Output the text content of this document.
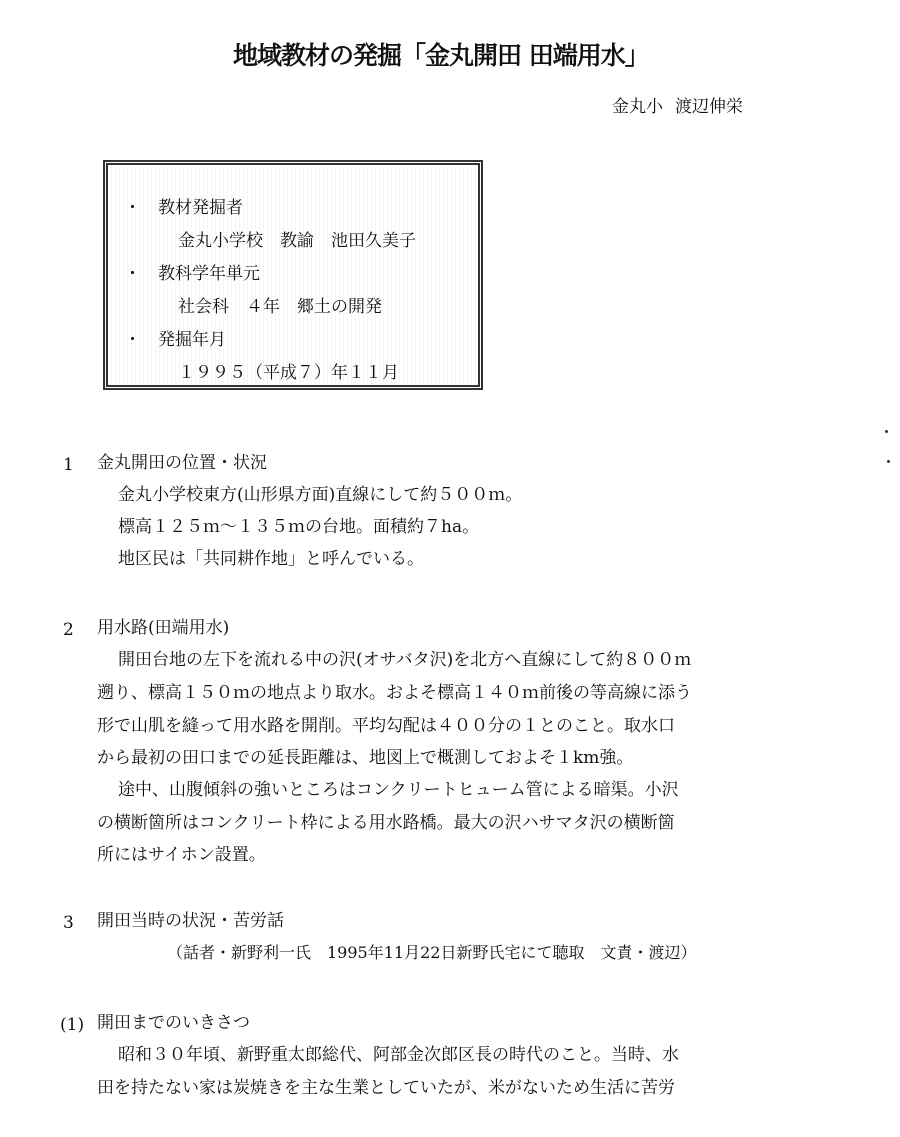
地域教材の発掘「金丸開田 田端用水」
金丸小 渡辺伸栄
・ 教材発掘者
金丸小学校　教諭　池田久美子
・ 教科学年単元
社会科　４年　郷土の開発
・ 発掘年月
１９９５（平成７）年１１月
1 金丸開田の位置・状況
金丸小学校東方(山形県方面)直線にして約５００ｍ。
標高１２５ｍ～１３５ｍの台地。面積約７ha。
地区民は「共同耕作地」と呼んでいる。
2 用水路(田端用水)
開田台地の左下を流れる中の沢(オサバタ沢)を北方へ直線にして約８００ｍ
遡り、標高１５０ｍの地点より取水。およそ標高１４０ｍ前後の等高線に添う
形で山肌を縫って用水路を開削。平均勾配は４００分の１とのこと。取水口
から最初の田口までの延長距離は、地図上で概測しておよそ１km強。
途中、山腹傾斜の強いところはコンクリートヒューム管による暗渠。小沢
の横断箇所はコンクリート枠による用水路橋。最大の沢ハサマタ沢の横断箇
所にはサイホン設置。
3 開田当時の状況・苦労話
（話者・新野利一氏　1995年11月22日新野氏宅にて聴取　文責・渡辺）
(1) 開田までのいきさつ
昭和３０年頃、新野重太郎総代、阿部金次郎区長の時代のこと。当時、水
田を持たない家は炭焼きを主な生業としていたが、米がないため生活に苦労
